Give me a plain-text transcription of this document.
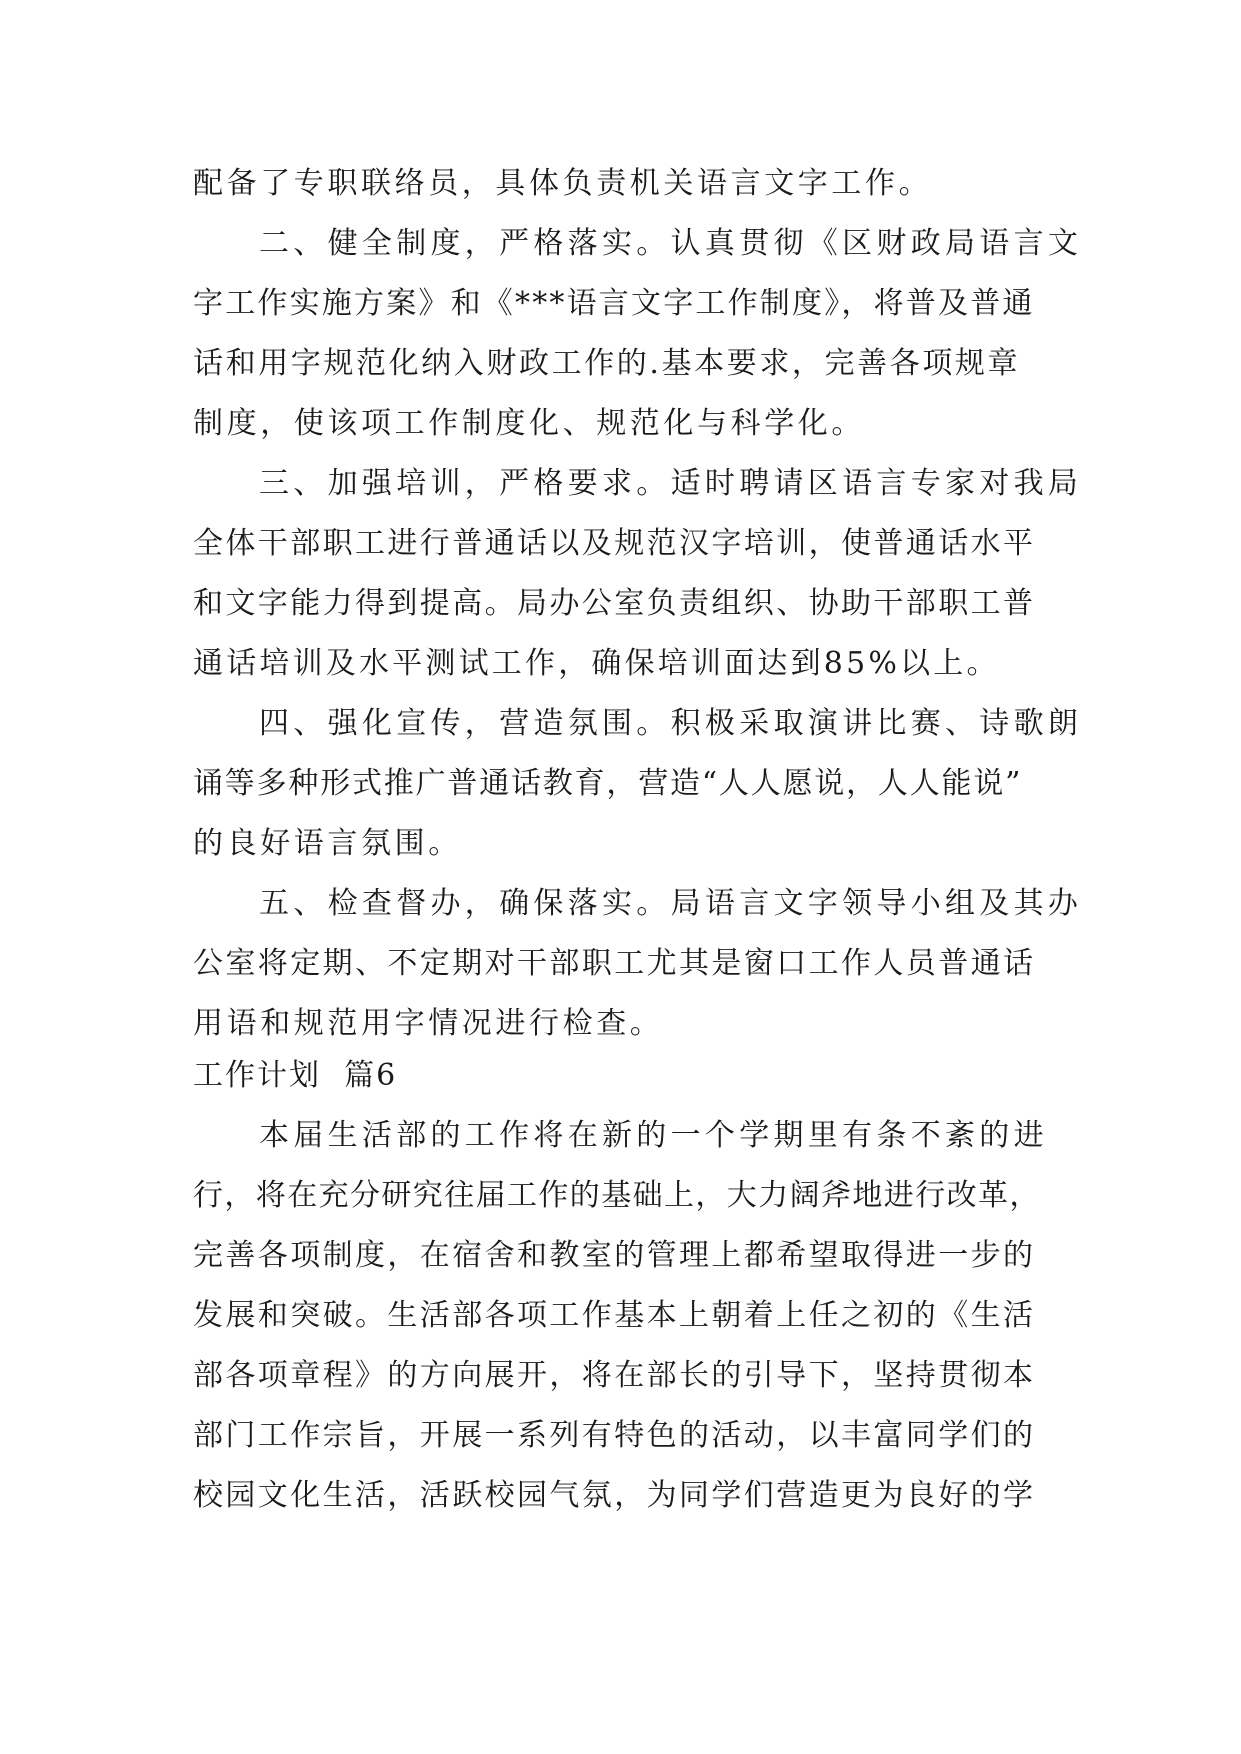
配备了专职联络员，具体负责机关语言文字工作。
二、健全制度，严格落实。认真贯彻《区财政局语言文
字工作实施方案》和《***语言文字工作制度》，将普及普通
话和用字规范化纳入财政工作的.基本要求，完善各项规章
制度，使该项工作制度化、规范化与科学化。
三、加强培训，严格要求。适时聘请区语言专家对我局
全体干部职工进行普通话以及规范汉字培训，使普通话水平
和文字能力得到提高。局办公室负责组织、协助干部职工普
通话培训及水平测试工作，确保培训面达到85%以上。
四、强化宣传，营造氛围。积极采取演讲比赛、诗歌朗
诵等多种形式推广普通话教育，营造“人人愿说，人人能说”
的良好语言氛围。
五、检查督办，确保落实。局语言文字领导小组及其办
公室将定期、不定期对干部职工尤其是窗口工作人员普通话
用语和规范用字情况进行检查。
工作计划  篇6
本届生活部的工作将在新的一个学期里有条不紊的进
行，将在充分研究往届工作的基础上，大力阔斧地进行改革，
完善各项制度，在宿舍和教室的管理上都希望取得进一步的
发展和突破。生活部各项工作基本上朝着上任之初的《生活
部各项章程》的方向展开，将在部长的引导下，坚持贯彻本
部门工作宗旨，开展一系列有特色的活动，以丰富同学们的
校园文化生活，活跃校园气氛，为同学们营造更为良好的学
